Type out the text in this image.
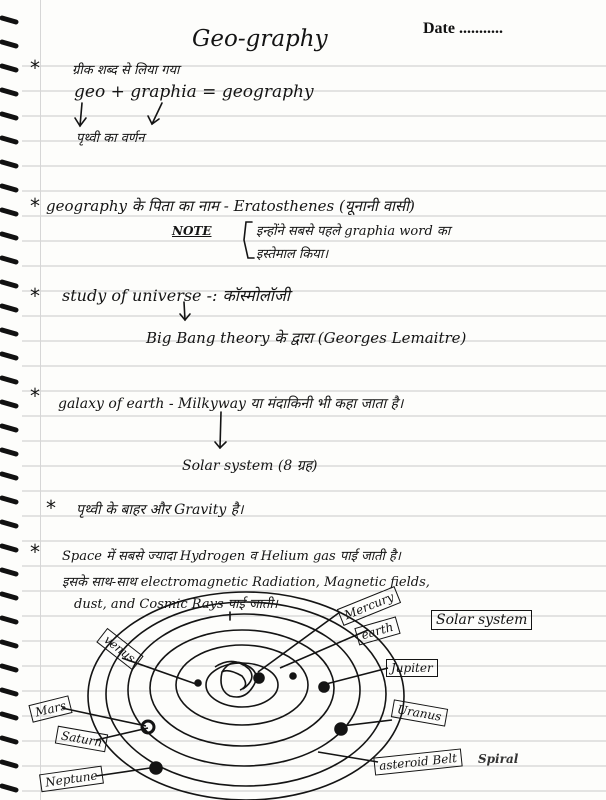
Date ...........
Geo-graphy
* ग्रीक शब्द से लिया गया
geo + graphia = geography
पृथ्वी का वर्णन
* geography के पिता का नाम - Eratosthenes (यूनानी वासी)
NOTE	इन्होंने सबसे पहले graphia word का
इस्तेमाल किया।
* study of universe -: कॉस्मोलॉजी
Big Bang theory के द्वारा (Georges Lemaitre)
* galaxy of earth - Milkyway या मंदाकिनी भी कहा जाता है।
Solar system (8 ग्रह)
* पृथ्वी के बाहर और Gravity है।
* Space में सबसे ज्यादा Hydrogen व Helium gas पाई जाती है।
इसके साथ-साथ electromagnetic Radiation, Magnetic fields,
dust, and Cosmic Rays पाई जाती।
Solar system
Mercury
earth
Jupiter
Uranus
asteroid Belt
venus
Mars
Saturn
Neptune
Spiral
